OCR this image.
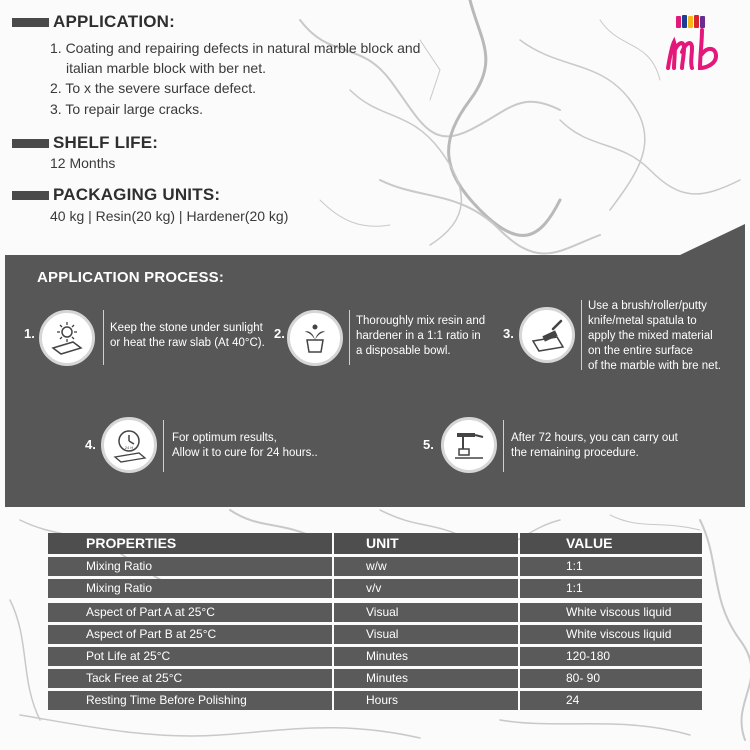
APPLICATION:
1. Coating and repairing defects in natural marble block and
italian marble block with ber net.
2. To x the severe surface defect.
3. To repair large cracks.
SHELF LIFE:
12 Months
PACKAGING UNITS:
40 kg | Resin(20 kg) | Hardener(20 kg)
APPLICATION PROCESS:
1.	Keep the stone under sunlight
or heat the raw slab (At 40°C).
2.
Thoroughly mix resin and
hardener in a 1:1 ratio in
a disposable bowl.
3.
Use a brush/roller/putty
knife/metal spatula to
apply the mixed material
on the entire surface
of the marble with bre net.
4.	24 H
For optimum results,
Allow it to cure for 24 hours..
5.	After 72 hours, you can carry out
the remaining procedure.
PROPERTIES	UNIT	VALUE
Mixing Ratio	w/w	1:1
Mixing Ratio	v/v	1:1
Aspect of Part A at 25°C	Visual	White viscous liquid
Aspect of Part B at 25°C	Visual	White viscous liquid
Pot Life at 25°C	Minutes	120-180
Tack Free at 25°C	Minutes	80- 90
Resting Time Before Polishing	Hours	24
